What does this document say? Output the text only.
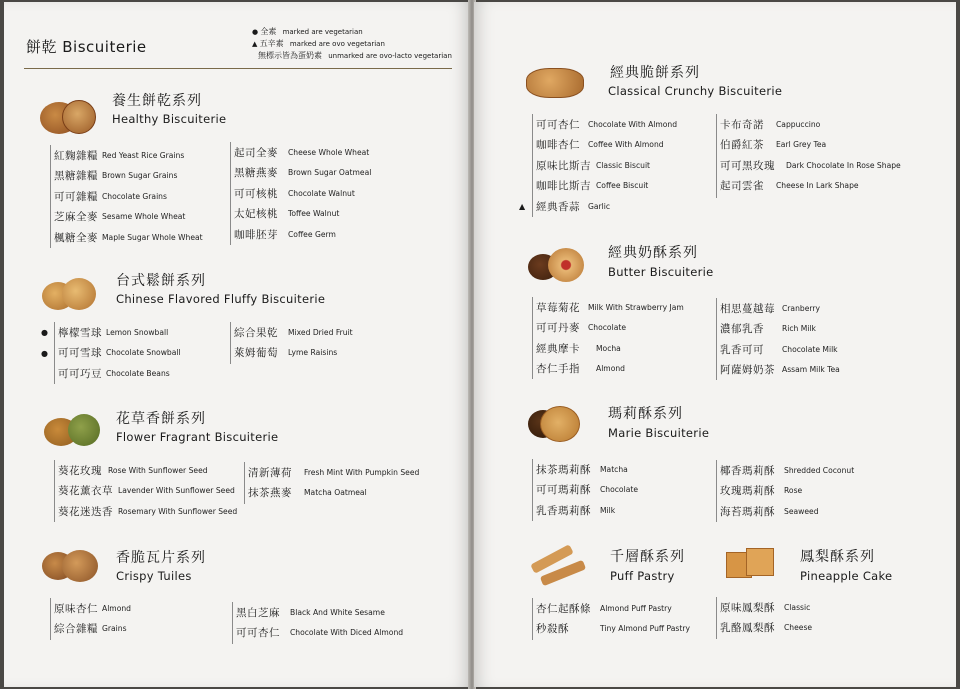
餅乾 Biscuiterie
● 全素 marked are vegetarian
▲ 五辛素 marked are ovo vegetarian
無標示皆為蛋奶素 unmarked are ovo-lacto vegetarian
養生餅乾系列
Healthy Biscuiterie
紅麴雜糧 Red Yeast Rice Grains
黑糖雜糧 Brown Sugar Grains
可可雜糧 Chocolate Grains
芝麻全麥 Sesame Whole Wheat
楓糖全麥 Maple Sugar Whole Wheat
起司全麥	Cheese Whole Wheat
黑糖燕麥	Brown Sugar Oatmeal
可可核桃	Chocolate Walnut
太妃核桃	Toffee Walnut
咖啡胚芽	Coffee Germ
台式鬆餅系列
Chinese Flavored Fluffy Biscuiterie
● 檸檬雪球 Lemon Snowball
● 可可雪球 Chocolate Snowball
可可巧豆 Chocolate Beans
綜合果乾	Mixed Dried Fruit
萊姆葡萄	Lyme Raisins
花草香餅系列
Flower Fragrant Biscuiterie
葵花玫瑰 Rose With Sunflower Seed
葵花薰衣草 Lavender With Sunflower Seed
葵花迷迭香 Rosemary With Sunflower Seed
清新薄荷	Fresh Mint With Pumpkin Seed
抹茶燕麥	Matcha Oatmeal
香脆瓦片系列
Crispy Tuiles
原味杏仁 Almond
綜合雜糧 Grains
黑白芝麻	Black And White Sesame
可可杏仁	Chocolate With Diced Almond
經典脆餅系列
Classical Crunchy Biscuiterie
可可杏仁	Chocolate With Almond
咖啡杏仁	Coffee With Almond
原味比斯吉 Classic Biscuit
咖啡比斯吉 Coffee Biscuit
▲ 經典香蒜	Garlic
卡布奇諾	Cappuccino
伯爵紅茶	Earl Grey Tea
可可黑玫瑰	Dark Chocolate In Rose Shape
起司雲雀	Cheese In Lark Shape
經典奶酥系列
Butter Biscuiterie
草莓菊花	Milk With Strawberry Jam
可可丹麥	Chocolate
經典摩卡	Mocha
杏仁手指	Almond
相思蔓越莓 Cranberry
濃郁乳香	Rich Milk
乳香可可	Chocolate Milk
阿薩姆奶茶 Assam Milk Tea
瑪莉酥系列
Marie Biscuiterie
抹茶瑪莉酥	Matcha
可可瑪莉酥	Chocolate
乳香瑪莉酥	Milk
椰香瑪莉酥	Shredded Coconut
玫瑰瑪莉酥	Rose
海苔瑪莉酥	Seaweed
千層酥系列
Puff Pastry
杏仁起酥條	Almond Puff Pastry
秒殺酥	Tiny Almond Puff Pastry
鳳梨酥系列
Pineapple Cake
原味鳳梨酥	Classic
乳酪鳳梨酥	Cheese
